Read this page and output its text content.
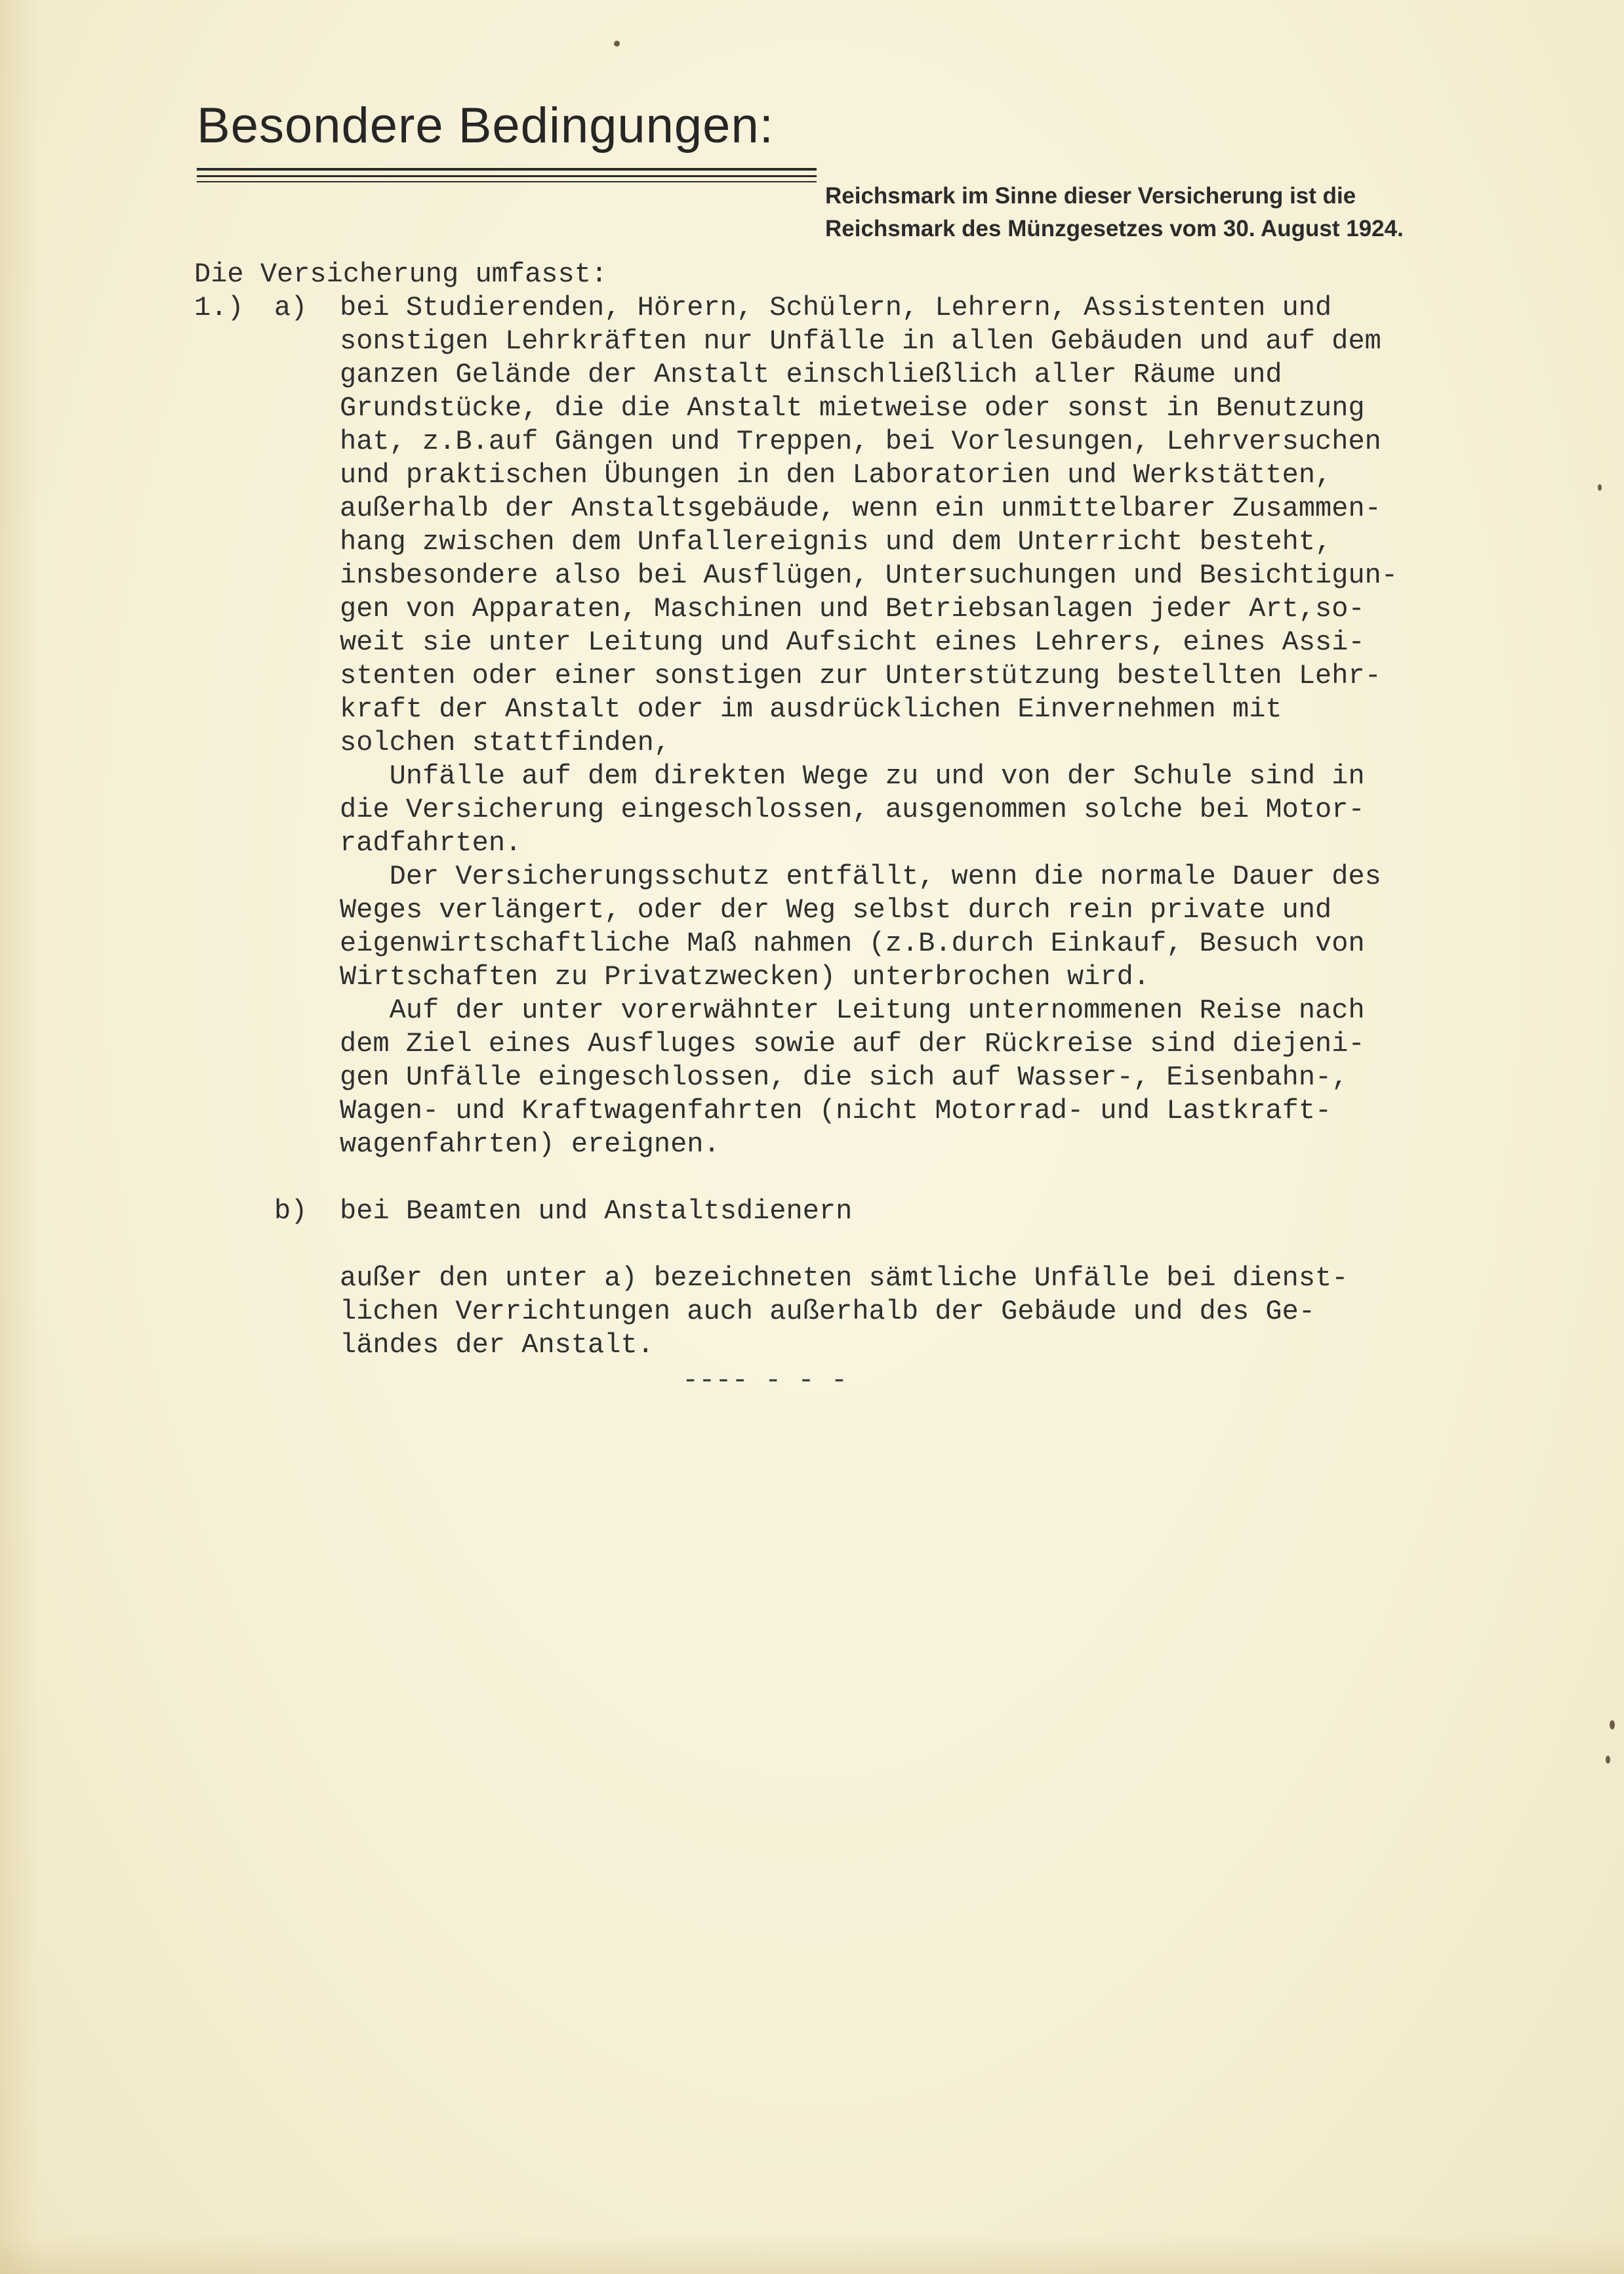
Besondere Bedingungen:
Reichsmark im Sinne dieser Versicherung ist die
Reichsmark des Münzgesetzes vom 30. August 1924.
Die Versicherung umfasst:
1.) a) bei Studierenden, Hörern, Schülern, Lehrern, Assistenten und
sonstigen Lehrkräften nur Unfälle in allen Gebäuden und auf dem
ganzen Gelände der Anstalt einschließlich aller Räume und
Grundstücke, die die Anstalt mietweise oder sonst in Benutzung
hat, z.B.auf Gängen und Treppen, bei Vorlesungen, Lehrversuchen
und praktischen Übungen in den Laboratorien und Werkstätten,
außerhalb der Anstaltsgebäude, wenn ein unmittelbarer Zusammen-
hang zwischen dem Unfallereignis und dem Unterricht besteht,
insbesondere also bei Ausflügen, Untersuchungen und Besichtigun-
gen von Apparaten, Maschinen und Betriebsanlagen jeder Art,so-
weit sie unter Leitung und Aufsicht eines Lehrers, eines Assi-
stenten oder einer sonstigen zur Unterstützung bestellten Lehr-
kraft der Anstalt oder im ausdrücklichen Einvernehmen mit
solchen stattfinden,
Unfälle auf dem direkten Wege zu und von der Schule sind in
die Versicherung eingeschlossen, ausgenommen solche bei Motor-
radfahrten.
Der Versicherungsschutz entfällt, wenn die normale Dauer des
Weges verlängert, oder der Weg selbst durch rein private und
eigenwirtschaftliche Maß nahmen (z.B.durch Einkauf, Besuch von
Wirtschaften zu Privatzwecken) unterbrochen wird.
Auf der unter vorerwähnter Leitung unternommenen Reise nach
dem Ziel eines Ausfluges sowie auf der Rückreise sind diejeni-
gen Unfälle eingeschlossen, die sich auf Wasser-, Eisenbahn-,
Wagen- und Kraftwagenfahrten (nicht Motorrad- und Lastkraft-
wagenfahrten) ereignen.
b) bei Beamten und Anstaltsdienern
außer den unter a) bezeichneten sämtliche Unfälle bei dienst-
lichen Verrichtungen auch außerhalb der Gebäude und des Ge-
ländes der Anstalt.
---- - - -
